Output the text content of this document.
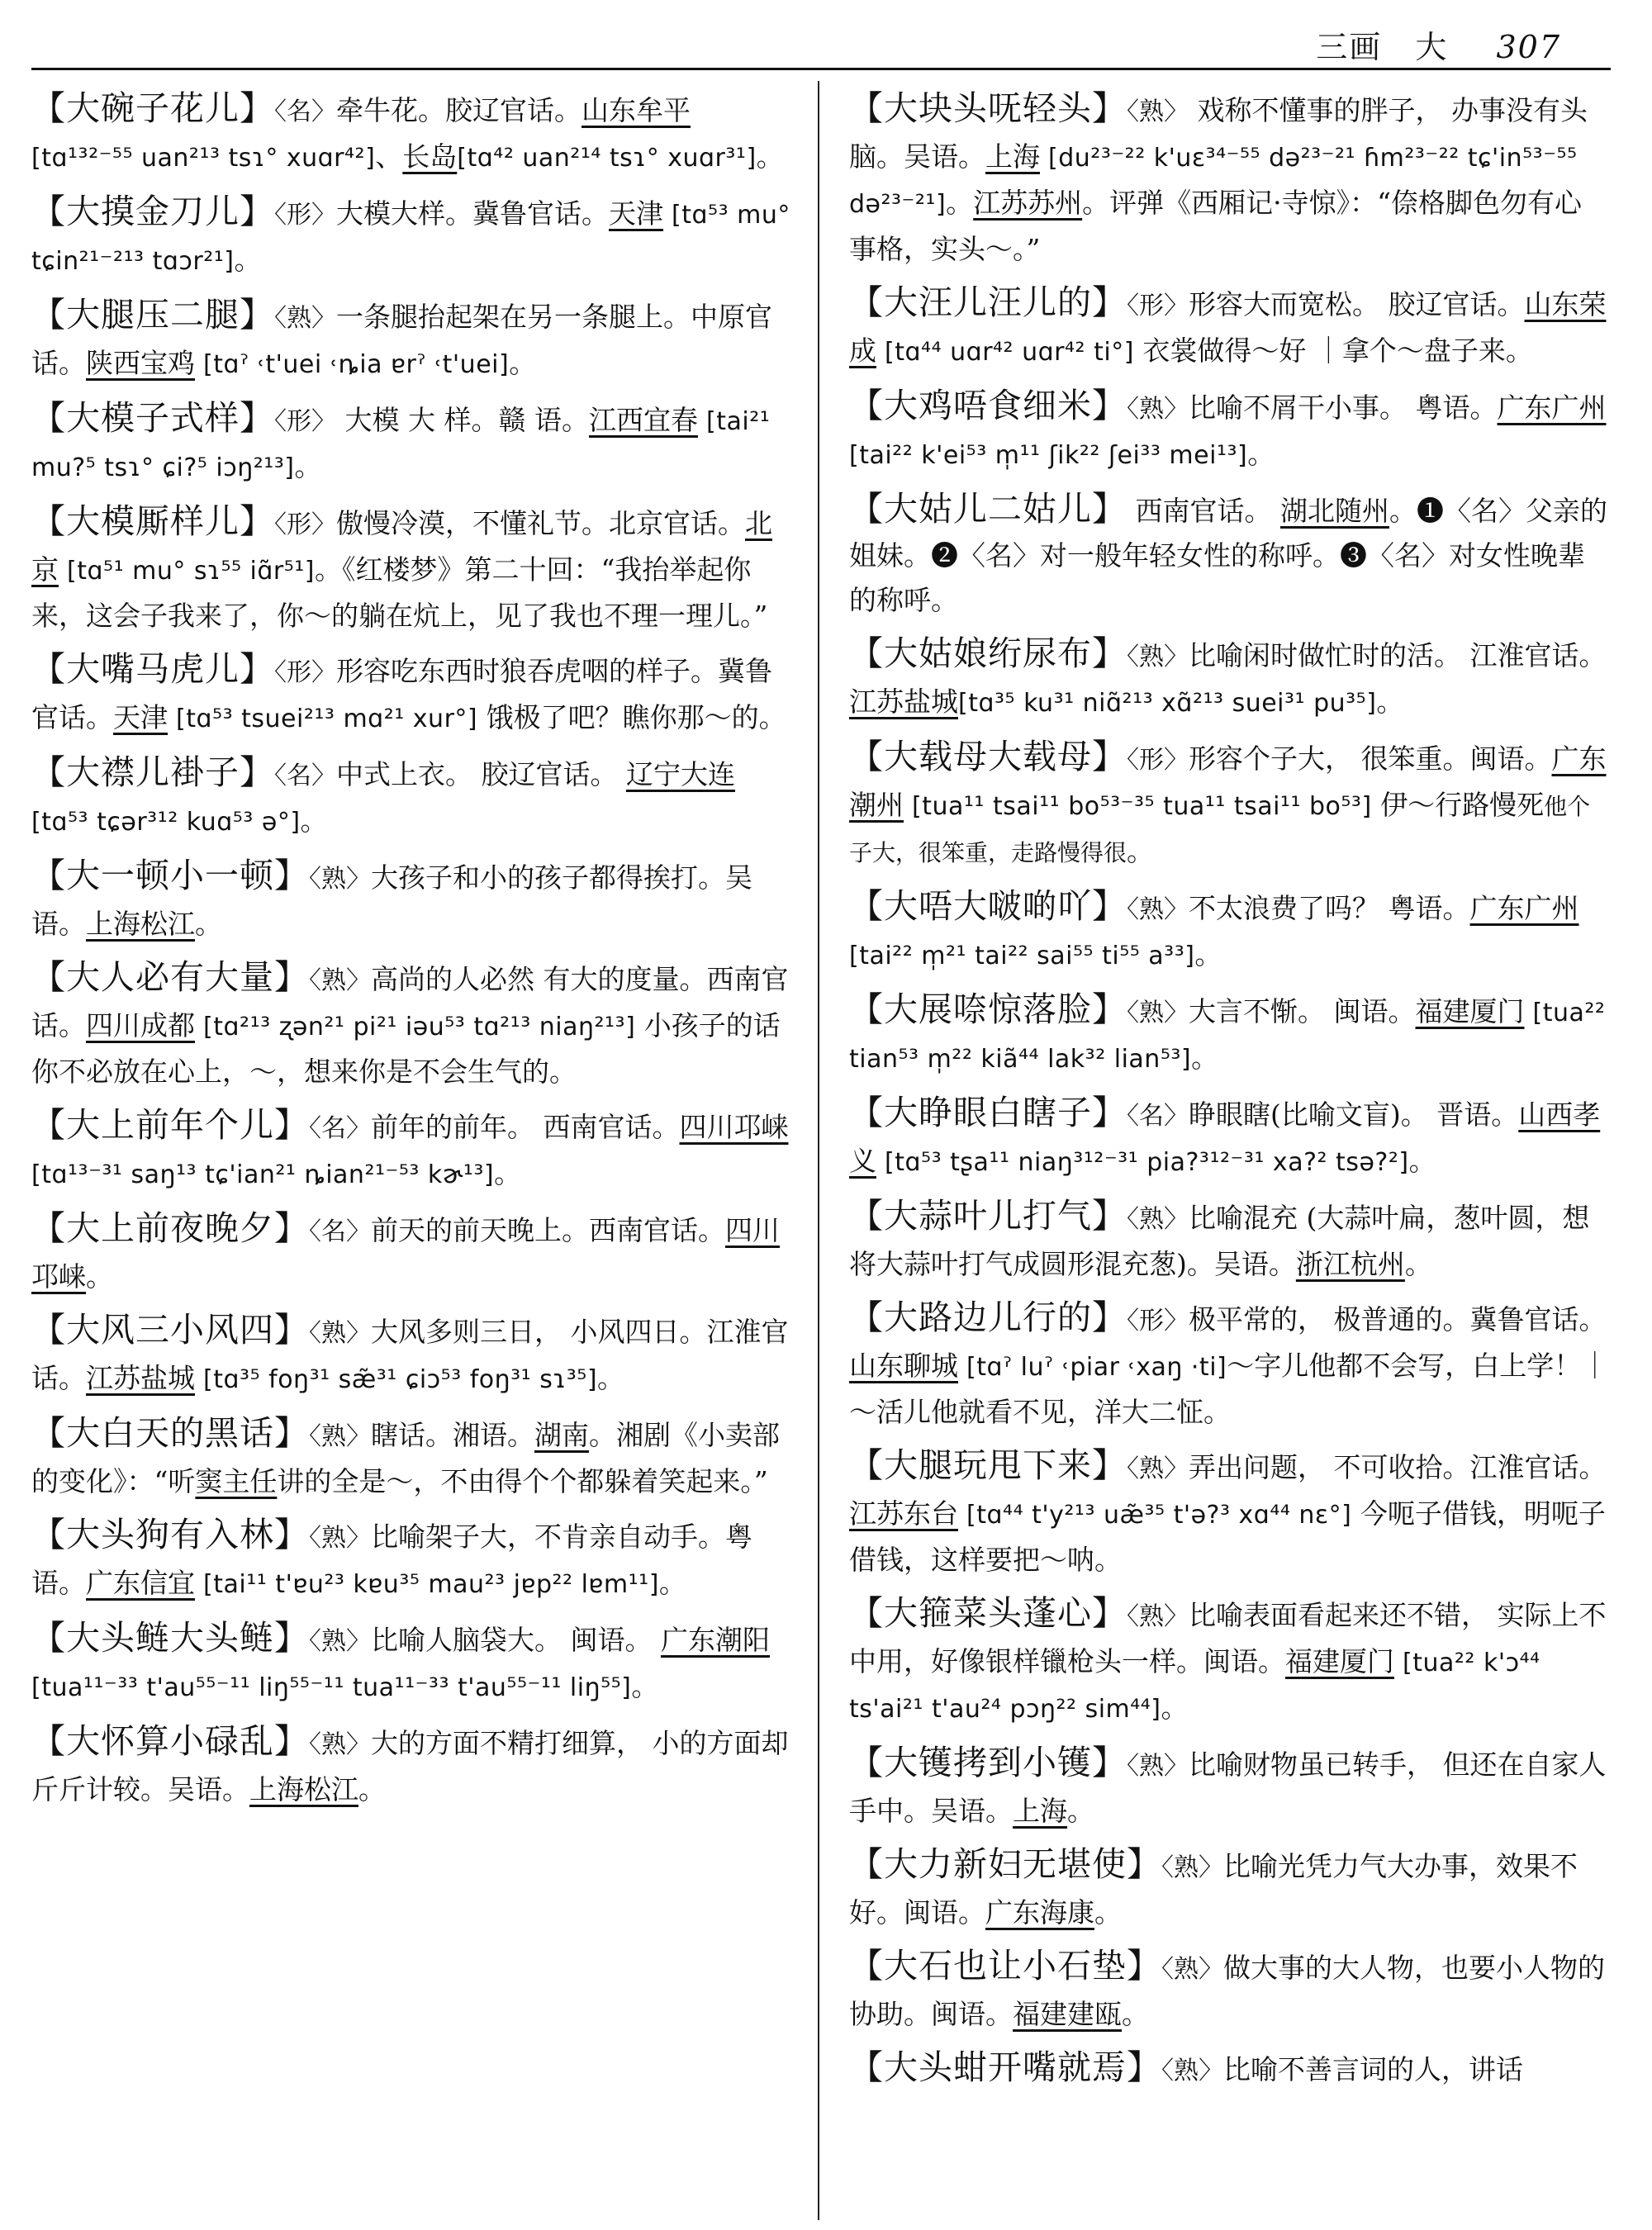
三画 大 307
【大碗子花儿】〈名〉牵牛花。胶辽官话。山东牟平 [tɑ¹³²⁻⁵⁵ uan²¹³ tsɿ° xuɑr⁴²]、长岛[tɑ⁴² uan²¹⁴ tsɿ° xuɑr³¹]。
【大摸金刀儿】〈形〉大模大样。冀鲁官话。天津 [tɑ⁵³ mu° tɕin²¹⁻²¹³ tɑɔr²¹]。
【大腿压二腿】〈熟〉一条腿抬起架在另一条腿上。中原官话。陕西宝鸡 [tɑˀ ˓t'uei ˓ȵia ɐrˀ ˓t'uei]。
【大模子式样】〈形〉 大模 大 样。赣 语。江西宜春 [tai²¹ mu?⁵ tsɿ° ɕi?⁵ iɔŋ²¹³]。
【大模厮样儿】〈形〉傲慢冷漠，不懂礼节。北京官话。北京 [tɑ⁵¹ mu° sɿ⁵⁵ iɑ̃r⁵¹]。《红楼梦》第二十回：“我抬举起你来，这会子我来了，你～的躺在炕上，见了我也不理一理儿。”
【大嘴马虎儿】〈形〉形容吃东西时狼吞虎咽的样子。冀鲁官话。天津 [tɑ⁵³ tsuei²¹³ mɑ²¹ xur°] 饿极了吧？瞧你那～的。
【大襟儿褂子】〈名〉中式上衣。 胶辽官话。 辽宁大连 [tɑ⁵³ tɕər³¹² kuɑ⁵³ ə°]。
【大一顿小一顿】〈熟〉大孩子和小的孩子都得挨打。吴语。上海松江。
【大人必有大量】〈熟〉高尚的人必然 有大的度量。西南官话。四川成都 [tɑ²¹³ ʐən²¹ pi²¹ iəu⁵³ tɑ²¹³ niaŋ²¹³] 小孩子的话你不必放在心上，～，想来你是不会生气的。
【大上前年个儿】〈名〉前年的前年。 西南官话。四川邛崃 [tɑ¹³⁻³¹ saŋ¹³ tɕ'ian²¹ ȵian²¹⁻⁵³ kɚ¹³]。
【大上前夜晚夕】〈名〉前天的前天晚上。西南官话。四川邛崃。
【大风三小风四】〈熟〉大风多则三日， 小风四日。江淮官话。江苏盐城 [tɑ³⁵ foŋ³¹ sæ̃³¹ ɕiɔ⁵³ foŋ³¹ sɿ³⁵]。
【大白天的黑话】〈熟〉瞎话。湘语。湖南。湘剧《小卖部的变化》：“听窦主任讲的全是～，不由得个个都躲着笑起来。”
【大头狗有入林】〈熟〉比喻架子大，不肯亲自动手。粤语。广东信宜 [tai¹¹ t'ɐu²³ kɐu³⁵ mau²³ jɐp²² lɐm¹¹]。
【大头鲢大头鲢】〈熟〉比喻人脑袋大。 闽语。 广东潮阳 [tua¹¹⁻³³ t'au⁵⁵⁻¹¹ liŋ⁵⁵⁻¹¹ tua¹¹⁻³³ t'au⁵⁵⁻¹¹ liŋ⁵⁵]。
【大怀算小碌乱】〈熟〉大的方面不精打细算， 小的方面却斤斤计较。吴语。上海松江。
【大块头呒轻头】〈熟〉 戏称不懂事的胖子， 办事没有头脑。吴语。上海 [du²³⁻²² k'uɛ³⁴⁻⁵⁵ də²³⁻²¹ ɦm²³⁻²² tɕ'in⁵³⁻⁵⁵ də²³⁻²¹]。江苏苏州。评弹《西厢记·寺惊》：“倷格脚色勿有心事格，实头～。”
【大汪儿汪儿的】〈形〉形容大而宽松。 胶辽官话。山东荣成 [tɑ⁴⁴ uɑr⁴² uɑr⁴² ti°] 衣裳做得～好 ｜拿个～盘子来。
【大鸡唔食细米】〈熟〉比喻不屑干小事。 粤语。广东广州 [tai²² k'ei⁵³ m̩¹¹ ʃik²² ʃei³³ mei¹³]。
【大姑儿二姑儿】 西南官话。 湖北随州。❶〈名〉父亲的姐妹。❷〈名〉对一般年轻女性的称呼。❸〈名〉对女性晚辈的称呼。
【大姑娘绗尿布】〈熟〉比喻闲时做忙时的活。 江淮官话。江苏盐城[tɑ³⁵ ku³¹ niɑ̃²¹³ xɑ̃²¹³ suei³¹ pu³⁵]。
【大载母大载母】〈形〉形容个子大， 很笨重。闽语。广东潮州 [tua¹¹ tsai¹¹ bo⁵³⁻³⁵ tua¹¹ tsai¹¹ bo⁵³] 伊～行路慢死他个子大，很笨重，走路慢得很。
【大唔大啵啲吖】〈熟〉不太浪费了吗？ 粤语。广东广州 [tai²² m̩²¹ tai²² sai⁵⁵ ti⁵⁵ a³³]。
【大展㖠惊落脸】〈熟〉大言不惭。 闽语。福建厦门 [tua²² tian⁵³ m̩²² kiã⁴⁴ lak³² lian⁵³]。
【大睁眼白瞎子】〈名〉睁眼瞎(比喻文盲)。 晋语。山西孝义 [tɑ⁵³ tʂa¹¹ niaŋ³¹²⁻³¹ pia?³¹²⁻³¹ xa?² tsə?²]。
【大蒜叶儿打气】〈熟〉比喻混充 (大蒜叶扁，葱叶圆，想将大蒜叶打气成圆形混充葱)。吴语。浙江杭州。
【大路边儿行的】〈形〉极平常的， 极普通的。冀鲁官话。山东聊城 [tɑˀ luˀ ˓piar ˓xaŋ ·ti]～字儿他都不会写，白上学！｜～活儿他就看不见，洋大二怔。
【大腿玩甩下来】〈熟〉弄出问题， 不可收拾。江淮官话。江苏东台 [tɑ⁴⁴ t'y²¹³ uæ̃³⁵ t'ə?³ xɑ⁴⁴ nɛ°] 今呃子借钱，明呃子借钱，这样要把～呐。
【大箍菜头蓬心】〈熟〉比喻表面看起来还不错， 实际上不中用，好像银样镴枪头一样。闽语。福建厦门 [tua²² k'ɔ⁴⁴ ts'ai²¹ t'au²⁴ pɔŋ²² sim⁴⁴]。
【大镬拷到小镬】〈熟〉比喻财物虽已转手， 但还在自家人手中。吴语。上海。
【大力新妇无堪使】〈熟〉比喻光凭力气大办事，效果不好。闽语。广东海康。
【大石也让小石垫】〈熟〉做大事的大人物，也要小人物的协助。闽语。福建建瓯。
【大头蚶开嘴就焉】〈熟〉比喻不善言词的人，讲话
